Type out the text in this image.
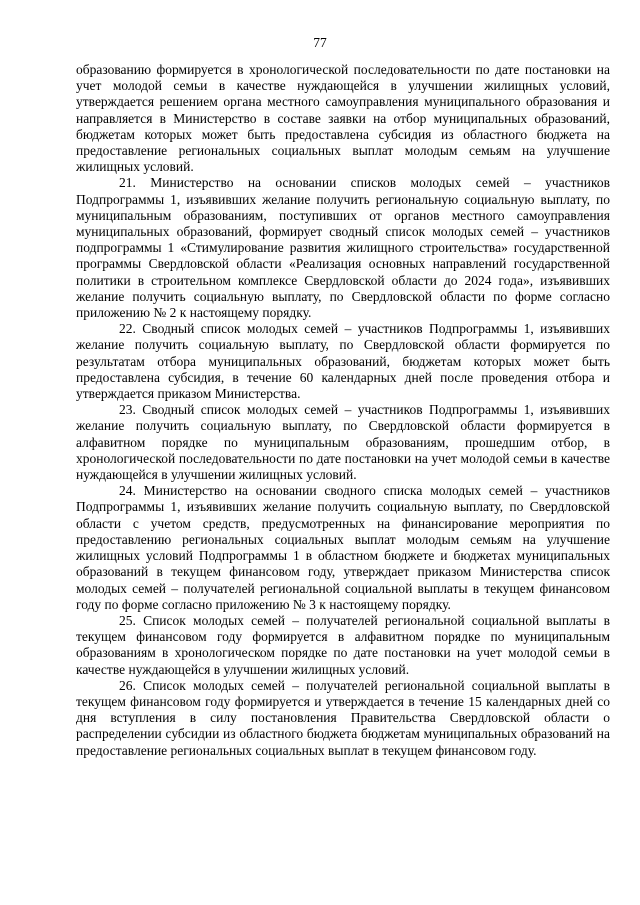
77

образованию формируется в хронологической последовательности по дате постановки на учет молодой семьи в качестве нуждающейся в улучшении жилищных условий, утверждается решением органа местного самоуправления муниципального образования и направляется в Министерство в составе заявки на отбор муниципальных образований, бюджетам которых может быть предоставлена субсидия из областного бюджета на предоставление региональных социальных выплат молодым семьям на улучшение жилищных условий.

21. Министерство на основании списков молодых семей – участников Подпрограммы 1, изъявивших желание получить региональную социальную выплату, по муниципальным образованиям, поступивших от органов местного самоуправления муниципальных образований, формирует сводный список молодых семей – участников подпрограммы 1 «Стимулирование развития жилищного строительства» государственной программы Свердловской области «Реализация основных направлений государственной политики в строительном комплексе Свердловской области до 2024 года», изъявивших желание получить социальную выплату, по Свердловской области по форме согласно приложению № 2 к настоящему порядку.

22. Сводный список молодых семей – участников Подпрограммы 1, изъявивших желание получить социальную выплату, по Свердловской области формируется по результатам отбора муниципальных образований, бюджетам которых может быть предоставлена субсидия, в течение 60 календарных дней после проведения отбора и утверждается приказом Министерства.

23. Сводный список молодых семей – участников Подпрограммы 1, изъявивших желание получить социальную выплату, по Свердловской области формируется в алфавитном порядке по муниципальным образованиям, прошедшим отбор, в хронологической последовательности по дате постановки на учет молодой семьи в качестве нуждающейся в улучшении жилищных условий.

24. Министерство на основании сводного списка молодых семей – участников Подпрограммы 1, изъявивших желание получить социальную выплату, по Свердловской области с учетом средств, предусмотренных на финансирование мероприятия по предоставлению региональных социальных выплат молодым семьям на улучшение жилищных условий Подпрограммы 1 в областном бюджете и бюджетах муниципальных образований в текущем финансовом году, утверждает приказом Министерства список молодых семей – получателей региональной социальной выплаты в текущем финансовом году по форме согласно приложению № 3 к настоящему порядку.

25. Список молодых семей – получателей региональной социальной выплаты в текущем финансовом году формируется в алфавитном порядке по муниципальным образованиям в хронологическом порядке по дате постановки на учет молодой семьи в качестве нуждающейся в улучшении жилищных условий.

26. Список молодых семей – получателей региональной социальной выплаты в текущем финансовом году формируется и утверждается в течение 15 календарных дней со дня вступления в силу постановления Правительства Свердловской области о распределении субсидии из областного бюджета бюджетам муниципальных образований на предоставление региональных социальных выплат в текущем финансовом году.
